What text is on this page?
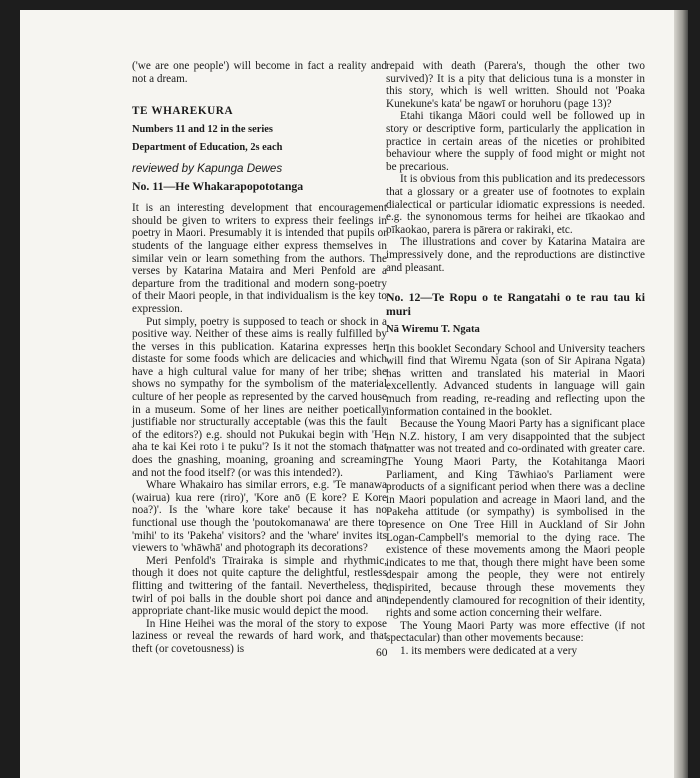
('we are one people') will become in fact a reality and not a dream.

TE WHAREKURA

Numbers 11 and 12 in the series

Department of Education, 2s each

reviewed by Kapunga Dewes

No. 11—He Whakarapopototanga

It is an interesting development that encouragement should be given to writers to express their feelings in poetry in Maori. Presumably it is intended that pupils or students of the language either express themselves in similar vein or learn something from the authors. The verses by Katarina Mataira and Meri Penfold are a departure from the traditional and modern song-poetry of their Maori people, in that individualism is the key to expression.

Put simply, poetry is supposed to teach or shock in a positive way. Neither of these aims is really fulfilled by the verses in this publication. Katarina expresses her distaste for some foods which are delicacies and which have a high cultural value for many of her tribe; she shows no sympathy for the symbolism of the material culture of her people as represented by the carved house in a museum. Some of her lines are neither poetically justifiable nor structurally acceptable (was this the fault of the editors?) e.g. should not Pukukai begin with 'He aha te kai Kei roto i te puku'? Is it not the stomach that does the gnashing, moaning, groaning and screaming and not the food itself? (or was this intended?).

Whare Whakairo has similar errors, e.g. 'Te manawa (wairua) kua rere (riro)', 'Kore anō (E kore? E Kore noa?)'. Is the 'whare kore take' because it has no functional use though the 'poutokomanawa' are there to 'mihi' to its 'Pakeha' visitors? and the 'whare' invites its viewers to 'whāwhā' and photograph its decorations?

Meri Penfold's Tīrairaka is simple and rhythmic, though it does not quite capture the delightful, restless flitting and twittering of the fantail. Nevertheless, the twirl of poi balls in the double short poi dance and an appropriate chant-like music would depict the mood.

In Hine Heihei was the moral of the story to expose laziness or reveal the rewards of hard work, and that theft (or covetousness) is

repaid with death (Parera's, though the other two survived)? It is a pity that delicious tuna is a monster in this story, which is well written. Should not 'Poaka Kunekune's kata' be ngawī or horuhoru (page 13)?

Etahi tikanga Māori could well be followed up in story or descriptive form, particularly the application in practice in certain areas of the niceties or prohibited behaviour where the supply of food might or might not be precarious.

It is obvious from this publication and its predecessors that a glossary or a greater use of footnotes to explain dialectical or particular idiomatic expressions is needed. e.g. the synonomous terms for heihei are tīkaokao and pīkaokao, parera is pārera or rakiraki, etc.

The illustrations and cover by Katarina Mataira are impressively done, and the reproductions are distinctive and pleasant.

No. 12—Te Ropu o te Rangatahi o te rau tau ki muri

Nā Wiremu T. Ngata

In this booklet Secondary School and University teachers will find that Wiremu Ngata (son of Sir Apirana Ngata) has written and translated his material in Maori excellently. Advanced students in language will gain much from reading, re-reading and reflecting upon the information contained in the booklet.

Because the Young Maori Party has a significant place in N.Z. history, I am very disappointed that the subject matter was not treated and co-ordinated with greater care. The Young Maori Party, the Kotahitanga Maori Parliament, and King Tāwhiao's Parliament were products of a significant period when there was a decline in Maori population and acreage in Maori land, and the Pakeha attitude (or sympathy) is symbolised in the presence on One Tree Hill in Auckland of Sir John Logan-Campbell's memorial to the dying race. The existence of these movements among the Maori people indicates to me that, though there might have been some despair among the people, they were not entirely dispirited, because through these movements they independently clamoured for recognition of their identity, rights and some action concerning their welfare.

The Young Maori Party was more effective (if not spectacular) than other movements because:

1. its members were dedicated at a very

60
